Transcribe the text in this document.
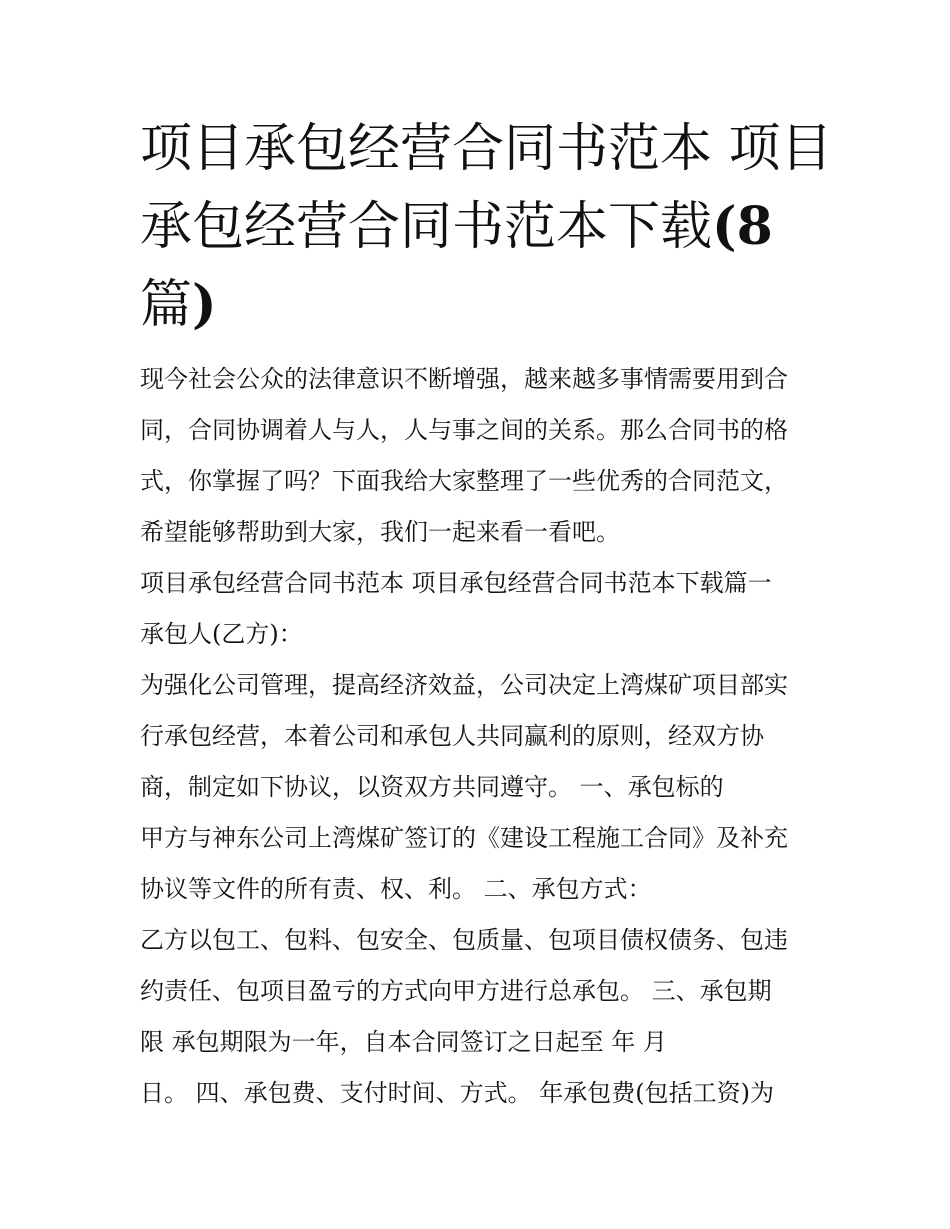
项目承包经营合同书范本 项目
承包经营合同书范本下载(8
篇)
现今社会公众的法律意识不断增强，越来越多事情需要用到合
同，合同协调着人与人，人与事之间的关系。那么合同书的格
式，你掌握了吗？下面我给大家整理了一些优秀的合同范文，
希望能够帮助到大家，我们一起来看一看吧。
项目承包经营合同书范本 项目承包经营合同书范本下载篇一
承包人(乙方)：
为强化公司管理，提高经济效益，公司决定上湾煤矿项目部实
行承包经营，本着公司和承包人共同赢利的原则，经双方协
商，制定如下协议，以资双方共同遵守。 一、承包标的
甲方与神东公司上湾煤矿签订的《建设工程施工合同》及补充
协议等文件的所有责、权、利。 二、承包方式：
乙方以包工、包料、包安全、包质量、包项目债权债务、包违
约责任、包项目盈亏的方式向甲方进行总承包。 三、承包期
限 承包期限为一年，自本合同签订之日起至 年 月
日。 四、承包费、支付时间、方式。 年承包费(包括工资)为
